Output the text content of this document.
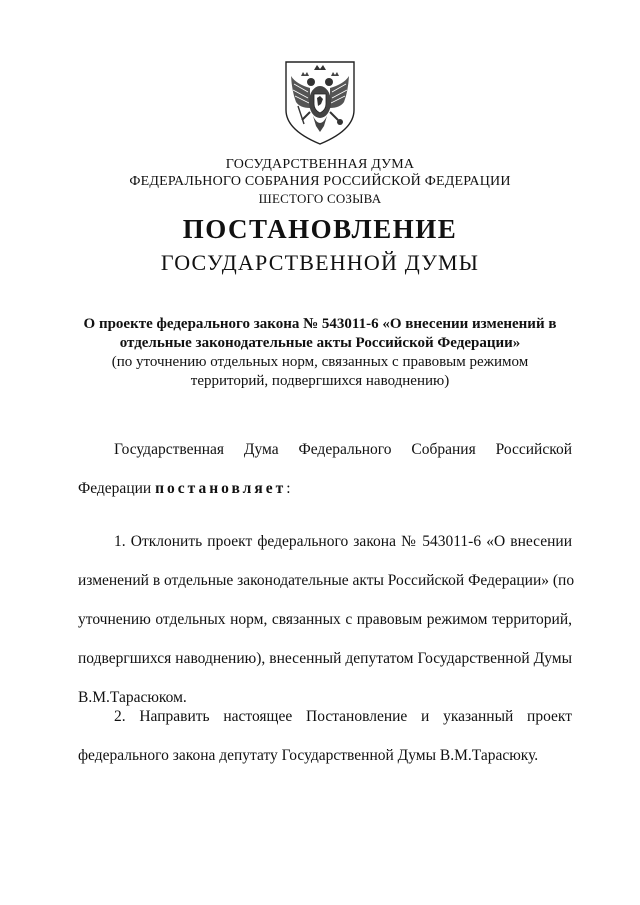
ГОСУДАРСТВЕННАЯ ДУМА
ФЕДЕРАЛЬНОГО СОБРАНИЯ РОССИЙСКОЙ ФЕДЕРАЦИИ
ШЕСТОГО СОЗЫВА
ПОСТАНОВЛЕНИЕ
ГОСУДАРСТВЕННОЙ ДУМЫ
О проекте федерального закона № 543011-6 «О внесении изменений в
отдельные законодательные акты Российской Федерации»
(по уточнению отдельных норм, связанных с правовым режимом
территорий, подвергшихся наводнению)
Государственная Дума Федерального Собрания Российской
Федерации постановляет:
1. Отклонить проект федерального закона № 543011-6 «О внесении
изменений в отдельные законодательные акты Российской Федерации» (по
уточнению отдельных норм, связанных с правовым режимом территорий,
подвергшихся наводнению), внесенный депутатом Государственной Думы
В.М.Тарасюком.
2. Направить настоящее Постановление и указанный проект
федерального закона депутату Государственной Думы В.М.Тарасюку.
